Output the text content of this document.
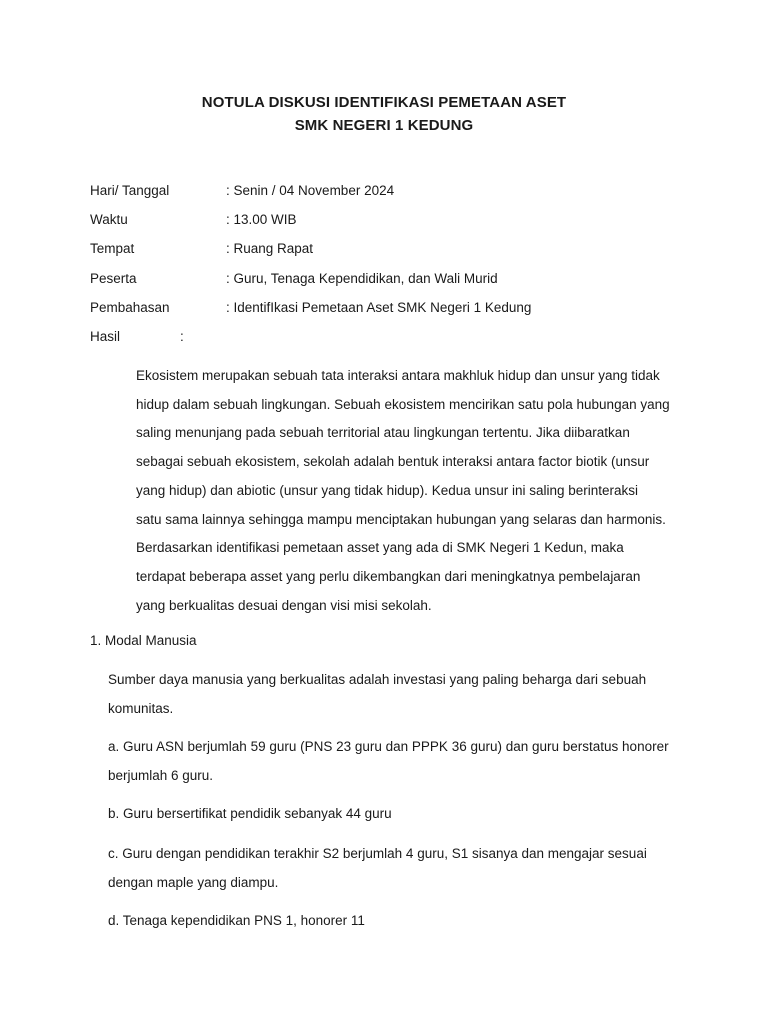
NOTULA DISKUSI IDENTIFIKASI PEMETAAN ASET
SMK NEGERI 1 KEDUNG
Hari/ Tanggal	: Senin / 04 November 2024
Waktu	: 13.00 WIB
Tempat	: Ruang Rapat
Peserta	: Guru, Tenaga Kependidikan, dan Wali Murid
Pembahasan	: IdentifIkasi Pemetaan Aset SMK Negeri 1 Kedung
Hasil	:
Ekosistem merupakan sebuah tata interaksi antara makhluk hidup dan unsur yang tidak
hidup dalam sebuah lingkungan. Sebuah ekosistem mencirikan satu pola hubungan yang
saling menunjang pada sebuah territorial atau lingkungan tertentu. Jika diibaratkan
sebagai sebuah ekosistem, sekolah adalah bentuk interaksi antara factor biotik (unsur
yang hidup) dan abiotic (unsur yang tidak hidup). Kedua unsur ini saling berinteraksi
satu sama lainnya sehingga mampu menciptakan hubungan yang selaras dan harmonis.
Berdasarkan identifikasi pemetaan asset yang ada di SMK Negeri 1 Kedun, maka
terdapat beberapa asset yang perlu dikembangkan dari meningkatnya pembelajaran
yang berkualitas desuai dengan visi misi sekolah.
1. Modal Manusia
Sumber daya manusia yang berkualitas adalah investasi yang paling beharga dari sebuah
komunitas.
a. Guru ASN berjumlah 59 guru (PNS 23 guru dan PPPK 36 guru) dan guru berstatus honorer
berjumlah 6 guru.
b. Guru bersertifikat pendidik sebanyak 44 guru
c. Guru dengan pendidikan terakhir S2 berjumlah 4 guru, S1 sisanya dan mengajar sesuai
dengan maple yang diampu.
d. Tenaga kependidikan PNS 1, honorer 11
